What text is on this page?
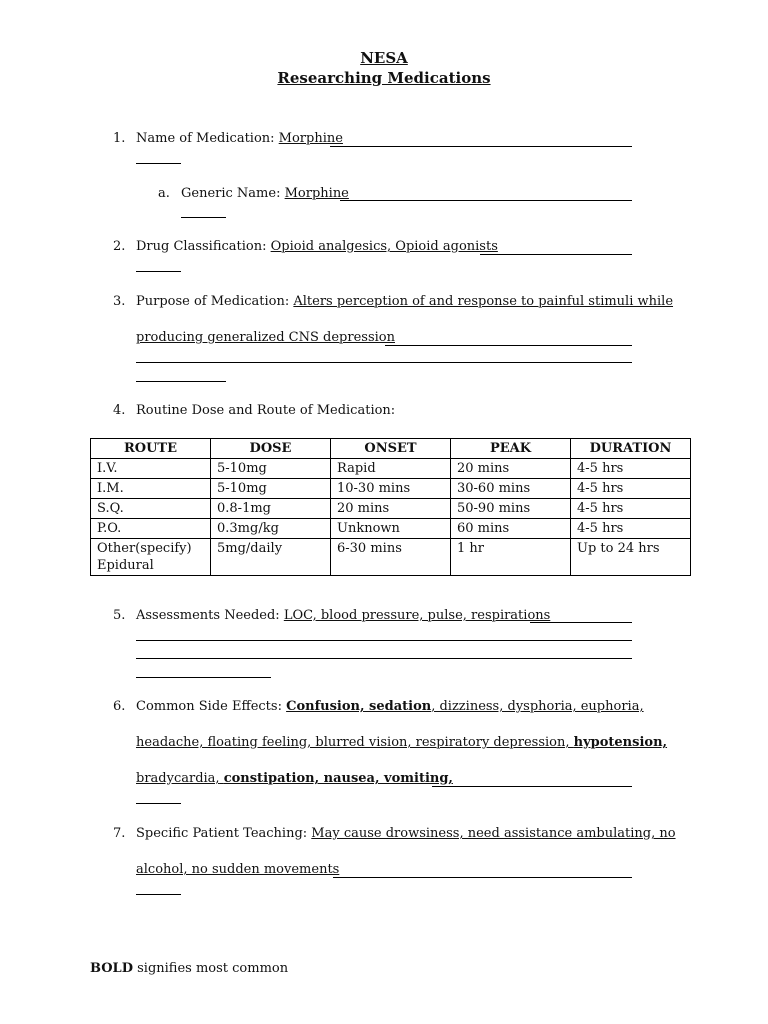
NESA
Researching Medications
1. Name of Medication: Morphine
a. Generic Name: Morphine
2. Drug Classification: Opioid analgesics, Opioid agonists
3. Purpose of Medication: Alters perception of and response to painful stimuli while
producing generalized CNS depression
4. Routine Dose and Route of Medication:
ROUTE	DOSE	ONSET	PEAK	DURATION
I.V.	5-10mg	Rapid	20 mins	4-5 hrs
I.M.	5-10mg	10-30 mins	30-60 mins	4-5 hrs
S.Q.	0.8-1mg	20 mins	50-90 mins	4-5 hrs
P.O.	0.3mg/kg	Unknown	60 mins	4-5 hrs

Other(specify)
Epidural	5mg/daily	6-30 mins	1 hr	Up to 24 hrs
5. Assessments Needed: LOC, blood pressure, pulse, respirations
6. Common Side Effects: Confusion, sedation, dizziness, dysphoria, euphoria,
headache, floating feeling, blurred vision, respiratory depression, hypotension,
bradycardia, constipation, nausea, vomiting,
7. Specific Patient Teaching: May cause drowsiness, need assistance ambulating, no
alcohol, no sudden movements
BOLD signifies most common
